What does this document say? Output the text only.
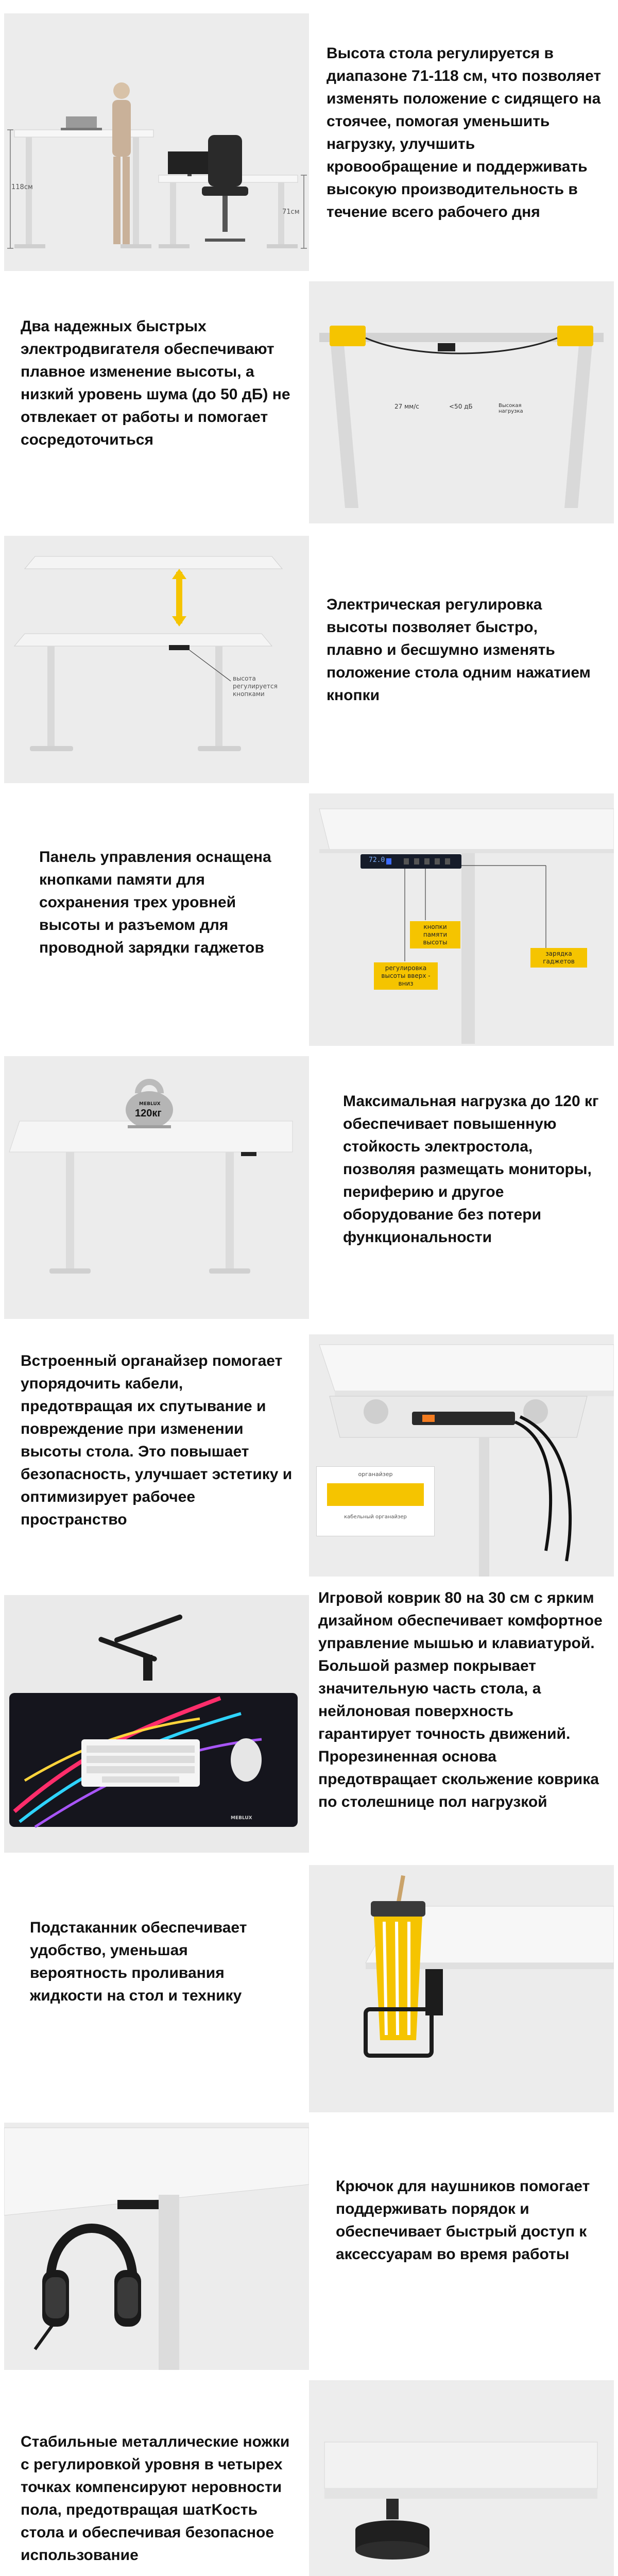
118см
71см
Высота стола регулируется в диапазоне 71-118 см, что позволяет изменять положение с сидящего на стоячее, помогая уменьшить нагрузку, улучшить кровообращение и поддерживать высокую производительность в течение всего рабочего дня
Два надежных быстрых электродвигателя обеспечивают плавное изменение высоты, а низкий уровень шума (до 50 дБ) не отвлекает от работы и помогает сосредоточиться
27 мм/с	<50 дБ	Высокая нагрузка
высота регулируется кнопками
Электрическая регулировка высоты позволяет быстро, плавно и бесшумно изменять положение стола одним нажатием кнопки
Панель управления оснащена кнопками памяти для сохранения трех уровней высоты и разъемом для проводной зарядки гаджетов
72.0
кнопки памяти высоты
регулировка высоты вверх - вниз
зарядка гаджетов
MEBLUX
120кг
Максимальная нагрузка до 120 кг обеспечивает повышенную стойкость электростола, позволяя размещать мониторы, периферию и другое оборудование без потери функциональности
Встроенный органайзер помогает упорядочить кабели, предотвращая их спутывание и повреждение при изменении высоты стола. Это повышает безопасность, улучшает эстетику и оптимизирует рабочее пространство
органайзер
кабельный органайзер
MEBLUX
Игровой коврик 80 на 30 см с ярким дизайном обеспечивает комфортное управление мышью и клавиатурой. Большой размер покрывает значительную часть стола, а нейлоновая поверхность гарантирует точность движений. Прорезиненная основа предотвращает скольжение коврика по столешнице пол нагрузкой
Подстаканник обеспечивает удобство, уменьшая вероятность проливания жидкости на стол и технику
Крючок для наушников помогает поддерживать порядок и обеспечивает быстрый доступ к аксессуарам во время работы
Стабильные металлические ножки с регулировкой уровня в четырех точках компенсируют неровности пола, предотвращая шатKость стола и обеспечивая безопасное использование
